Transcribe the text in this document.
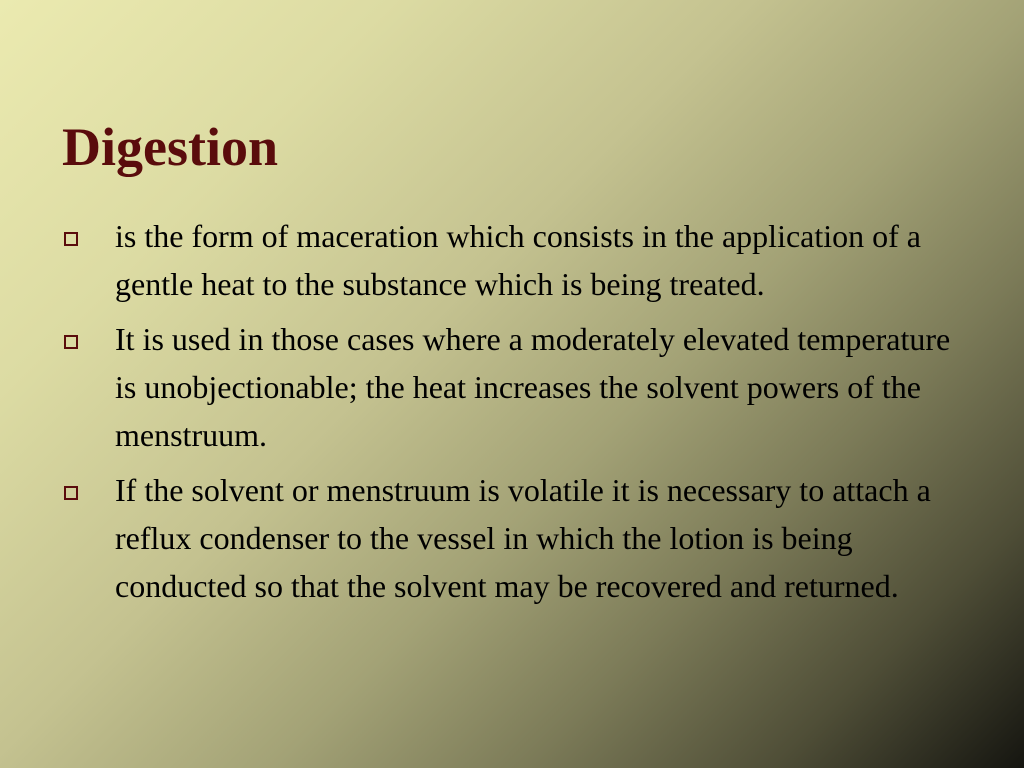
Digestion
is the form of maceration which consists in the application of a gentle heat to the substance which is being treated.
It is used in those cases where a moderately elevated temperature is unobjectionable; the heat increases the solvent powers of the menstruum.
If the solvent or menstruum is volatile it is necessary to attach a reflux condenser to the vessel in which the lotion is being conducted so that the solvent may be recovered and returned.
